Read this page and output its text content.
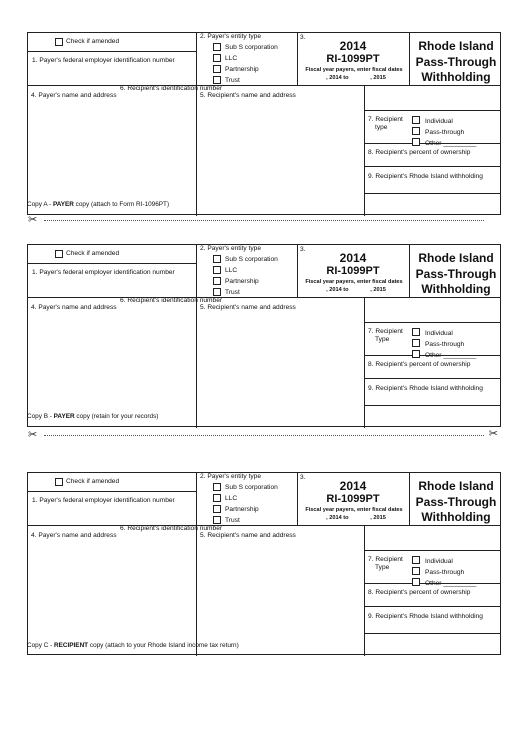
Check if amended
1. Payer's federal employer identification number
2. Payer's entity type
Sub S corporation
LLC
Partnership
Trust
3.
2014
RI-1099PT
Fiscal year payers, enter fiscal dates
, 2014 to              , 2015
Rhode Island
Pass-Through
Withholding
6. Recipient's identification number
4. Payer's name and address	5. Recipient's name and address
7. Recipient
type
Individual
Pass-through
Other _________
8. Recipient's percent of ownership
9. Recipient's Rhode Island withholding
Copy A - PAYER copy (attach to Form RI-1096PT)
✂
Check if amended
1. Payer's federal employer identification number
2. Payer's entity type
Sub S corporation
LLC
Partnership
Trust
3.
2014
RI-1099PT
Fiscal year payers, enter fiscal dates
, 2014 to              , 2015
Rhode Island
Pass-Through
Withholding
6. Recipient's identification number
4. Payer's name and address	5. Recipient's name and address
7. Recipient
Type
Individual
Pass-through
Other _________
8. Recipient's percent of ownership
9. Recipient's Rhode Island withholding
Copy B - PAYER copy (retain for your records)
✂	✂
Check if amended
1. Payer's federal employer identification number
2. Payer's entity type
Sub S corporation
LLC
Partnership
Trust
3.
2014
RI-1099PT
Fiscal year payers, enter fiscal dates
, 2014 to              , 2015
Rhode Island
Pass-Through
Withholding
6. Recipient's identification number
4. Payer's name and address	5. Recipient's name and address
7. Recipient
Type
Individual
Pass-through
Other _________
8. Recipient's percent of ownership
9. Recipient's Rhode Island withholding
Copy C - RECIPIENT copy (attach to your Rhode Island income tax return)
